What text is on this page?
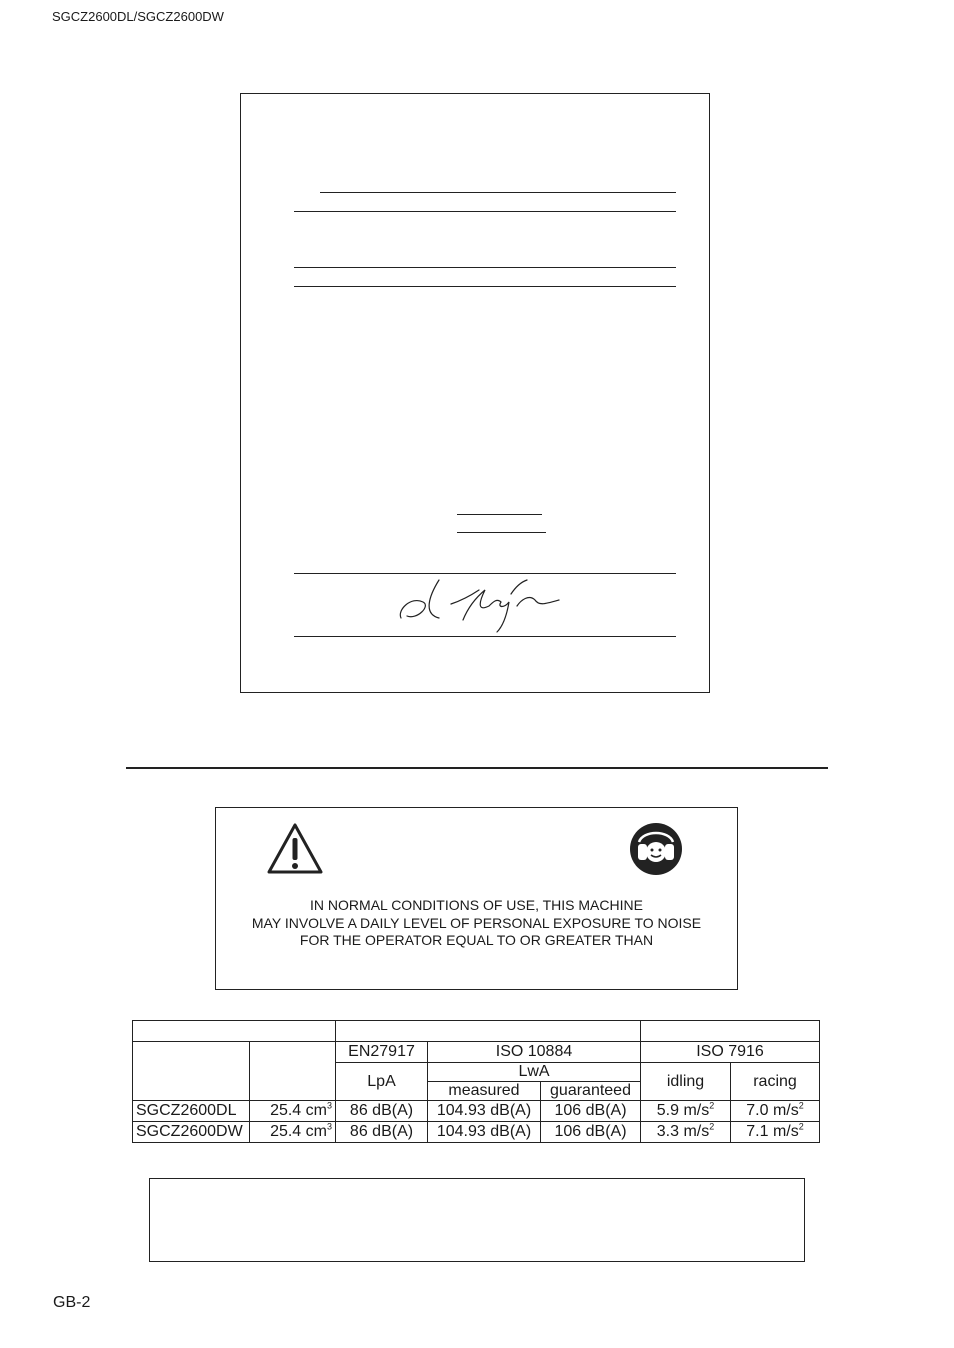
SGCZ2600DL/SGCZ2600DW
IN NORMAL CONDITIONS OF USE, THIS MACHINE
MAY INVOLVE A DAILY LEVEL OF PERSONAL EXPOSURE TO NOISE
FOR THE OPERATOR EQUAL TO OR GREATER THAN

		EN27917	ISO 10884		ISO 7916	
		LpA	LwA		idling	racing
			measured	guaranteed		
SGCZ2600DL	25.4 $cm^3$	86 dB(A)	104.93 dB(A)	106 dB(A)	5.9 $m/s^2$	7.0 $m/s^2$
SGCZ2600DW	25.4 $cm^3$	86 dB(A)	104.93 dB(A)	106 dB(A)	3.3 $m/s^2$	7.1 $m/s^2$
GB-2
